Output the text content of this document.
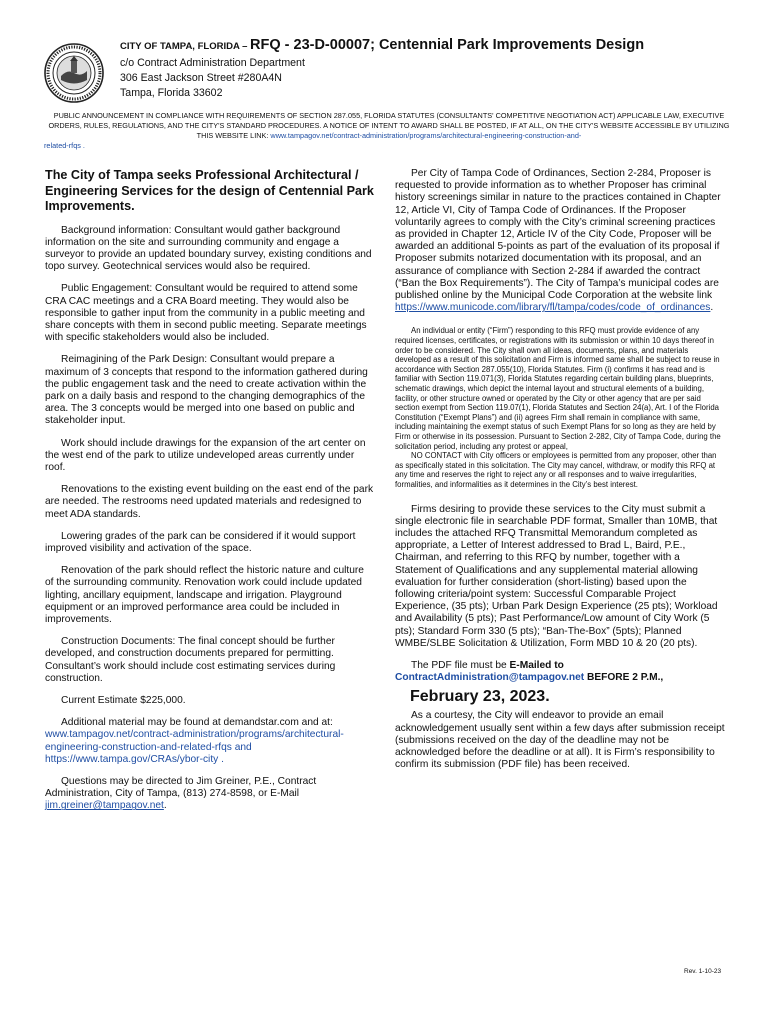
CITY OF TAMPA, FLORIDA – RFQ - 23-D-00007; Centennial Park Improvements Design
c/o Contract Administration Department
306 East Jackson Street #280A4N
Tampa, Florida 33602
PUBLIC ANNOUNCEMENT IN COMPLIANCE WITH REQUIREMENTS OF SECTION 287.055, FLORIDA STATUTES (CONSULTANTS' COMPETITIVE NEGOTIATION ACT) APPLICABLE LAW, EXECUTIVE ORDERS, RULES, REGULATIONS, AND THE CITY'S STANDARD PROCEDURES. A NOTICE OF INTENT TO AWARD SHALL BE POSTED, IF AT ALL, ON THE CITY'S WEBSITE ACCESSIBLE BY UTILIZING THIS WEBSITE LINK: www.tampagov.net/contract-administration/programs/architectural-engineering-construction-and-
related-rfqs .
The City of Tampa seeks Professional Architectural / Engineering Services for the design of Centennial Park Improvements.

Background information: Consultant would gather background information on the site and surrounding community and engage a surveyor to provide an updated boundary survey, existing conditions and topo survey. Geotechnical services would also be required.

Public Engagement: Consultant would be required to attend some CRA CAC meetings and a CRA Board meeting. They would also be responsible to gather input from the community in a public meeting and share concepts with them in second public meeting. Separate meetings with specific stakeholders would also be included.

Reimagining of the Park Design: Consultant would prepare a maximum of 3 concepts that respond to the information gathered during the public engagement task and the need to create activation within the park on a daily basis and respond to the changing demographics of the area. The 3 concepts would be merged into one based on public and stakeholder input.

Work should include drawings for the expansion of the art center on the west end of the park to utilize undeveloped areas currently under roof.

Renovations to the existing event building on the east end of the park are needed. The restrooms need updated materials and redesigned to meet ADA standards.

Lowering grades of the park can be considered if it would support improved visibility and activation of the space.

Renovation of the park should reflect the historic nature and culture of the surrounding community. Renovation work could include updated lighting, ancillary equipment, landscape and irrigation. Playground equipment or an improved performance area could be included in improvements.

Construction Documents: The final concept should be further developed, and construction documents prepared for permitting. Consultant’s work should include cost estimating services during construction.

Current Estimate $225,000.

Additional material may be found at demandstar.com and at: www.tampagov.net/contract-administration/programs/architectural-engineering-construction-and-related-rfqs and https://www.tampa.gov/CRAs/ybor-city .

Questions may be directed to Jim Greiner, P.E., Contract Administration, City of Tampa, (813) 274-8598, or E-Mail jim.greiner@tampagov.net.

Per City of Tampa Code of Ordinances, Section 2-284, Proposer is requested to provide information as to whether Proposer has criminal history screenings similar in nature to the practices contained in Chapter 12, Article VI, City of Tampa Code of Ordinances. If the Proposer voluntarily agrees to comply with the City’s criminal screening practices as provided in Chapter 12, Article IV of the City Code, Proposer will be awarded an additional 5-points as part of the evaluation of its proposal if Proposer submits notarized documentation with its proposal, and an assurance of compliance with Section 2-284 if awarded the contract (“Ban the Box Requirements”). The City of Tampa’s municipal codes are published online by the Municipal Code Corporation at the website link https://www.municode.com/library/fl/tampa/codes/code_of_ordinances.

An individual or entity (“Firm”) responding to this RFQ must provide evidence of any required licenses, certificates, or registrations with its submission or within 10 days thereof in order to be considered. The City shall own all ideas, documents, plans, and materials developed as a result of this solicitation and Firm is informed same shall be subject to reuse in accordance with Section 287.055(10), Florida Statutes. Firm (i) confirms it has read and is familiar with Section 119.071(3), Florida Statutes regarding certain building plans, blueprints, schematic drawings, which depict the internal layout and structural elements of a building, facility, or other structure owned or operated by the City or other agency that are per said section exempt from Section 119.07(1), Florida Statutes and Section 24(a), Art. I of the Florida Constitution (“Exempt Plans”) and (ii) agrees Firm shall remain in compliance with same, including maintaining the exempt status of such Exempt Plans for so long as they are held by Firm or otherwise in its possession. Pursuant to Section 2-282, City of Tampa Code, during the solicitation period, including any protest or appeal,
NO CONTACT with City officers or employees is permitted from any proposer, other than as specifically stated in this solicitation. The City may cancel, withdraw, or modify this RFQ at any time and reserves the right to reject any or all responses and to waive irregularities, formalities, and informalities as it determines in the City’s best interest.

Firms desiring to provide these services to the City must submit a single electronic file in searchable PDF format, Smaller than 10MB, that includes the attached RFQ Transmittal Memorandum completed as appropriate, a Letter of Interest addressed to Brad L, Baird, P.E., Chairman, and referring to this RFQ by number, together with a Statement of Qualifications and any supplemental material allowing evaluation for further consideration (short-listing) based upon the following criteria/point system: Successful Comparable Project Experience, (35 pts); Urban Park Design Experience (25 pts); Workload and Availability (5 pts); Past Performance/Low amount of City Work (5 pts); Standard Form 330 (5 pts); “Ban-The-Box” (5pts); Planned WMBE/SLBE Solicitation & Utilization, Form MBD 10 & 20 (20 pts).

The PDF file must be E-Mailed to
ContractAdministration@tampagov.net BEFORE 2 P.M.,

February 23, 2023.

As a courtesy, the City will endeavor to provide an email acknowledgement usually sent within a few days after submission receipt (submissions received on the day of the deadline may not be acknowledged before the deadline or at all). It is Firm’s responsibility to confirm its submission (PDF file) has been received.

Rev. 1-10-23
